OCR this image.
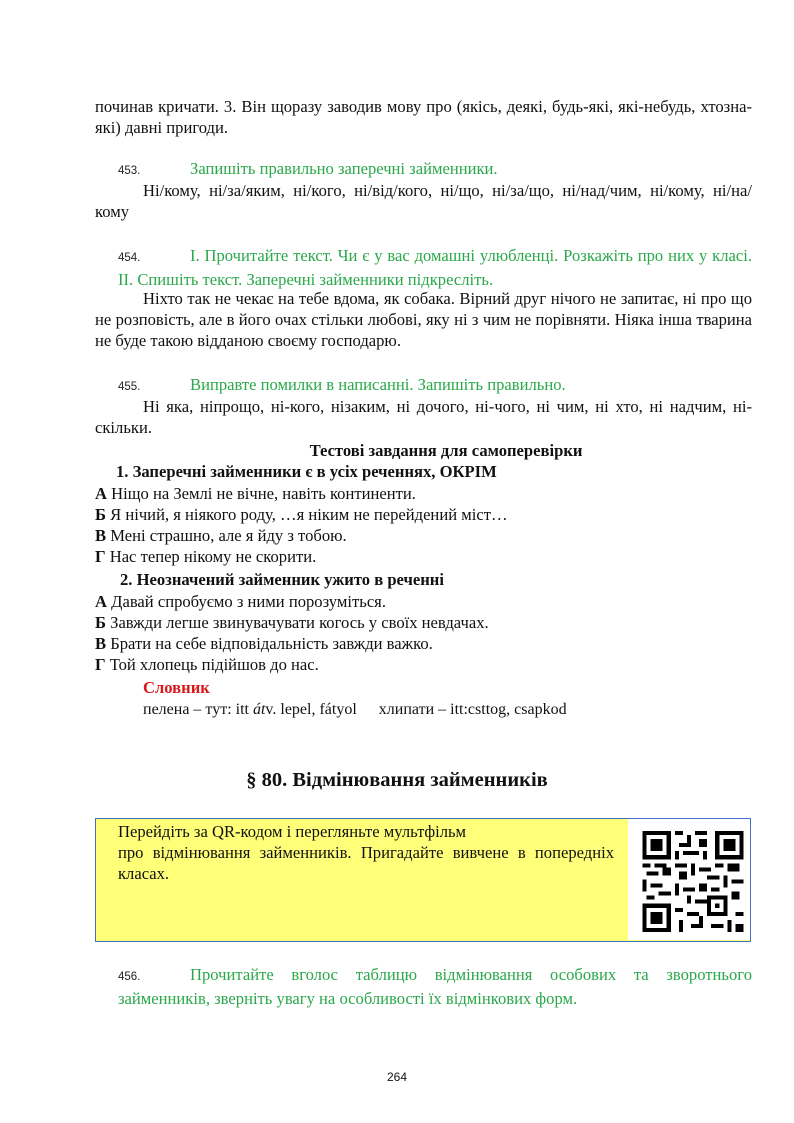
починав кричати. 3. Він щоразу заводив мову про (якісь, деякі, будь-які, які-небудь, хтозна-які) давні пригоди.
453.	Запишіть правильно заперечні займенники.
Ні/кому, ні/за/яким, ні/кого, ні/від/кого, ні/що, ні/за/що, ні/над/чим, ні/кому, ні/на/кому
454.	I. Прочитайте текст. Чи є у вас домашні улюбленці. Розкажіть про них у класі. II. Спишіть текст. Заперечні займенники підкресліть.
Ніхто так не чекає на тебе вдома, як собака. Вірний друг нічого не запитає, ні про що не розповість, але в його очах стільки любові, яку ні з чим не порівняти. Ніяка інша тварина не буде такою відданою своєму господарю.
455.	Виправте помилки в написанні. Запишіть правильно.
Ні яка, ніпрощо, ні-кого, нізаким, ні дочого, ні-чого, ні чим, ні хто, ні надчим, ні-скільки.
Тестові завдання для самоперевірки
1. Заперечні займенники є в усіх реченнях, ОКРІМ
А Ніщо на Землі не вічне, навіть континенти.
Б Я нічий, я ніякого роду, …я ніким не перейдений міст…
В Мені страшно, але я йду з тобою.
Г Нас тепер нікому не скорити.
2. Неозначений займенник ужито в реченні
А Давай спробуємо з ними порозуміться.
Б Завжди легше звинувачувати когось у своїх невдачах.
В Брати на себе відповідальність завжди важко.
Г Той хлопець підійшов до нас.
Словник
пелена – тут: itt átv. lepel, fátyol хлипати – itt:csttog, csapkod
§ 80. Відмінювання займенників
Перейдіть за QR-кодом і перегляньте мультфільм
про відмінювання займенників. Пригадайте вивчене в попередніх класах.
456.	Прочитайте вголос таблицю відмінювання особових та зворотнього займенників, зверніть увагу на особливості їх відмінкових форм.
264
